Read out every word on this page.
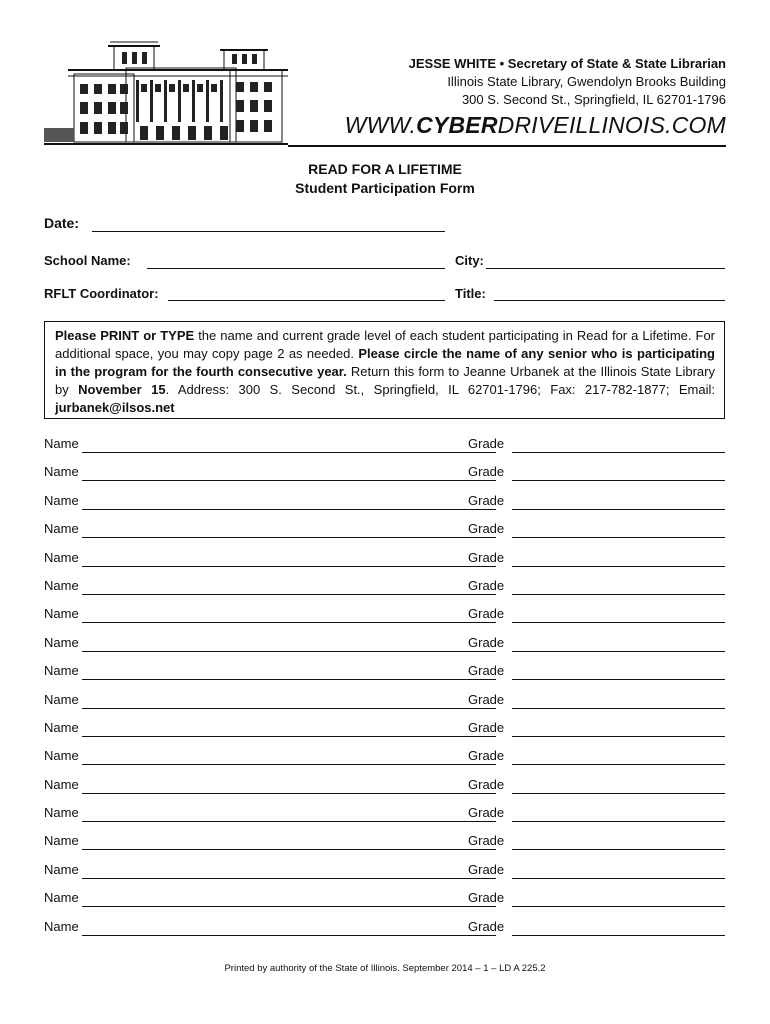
JESSE WHITE • Secretary of State & State Librarian
Illinois State Library, Gwendolyn Brooks Building
300 S. Second St., Springfield, IL 62701-1796
WWW.CYBERDRIVEILLINOIS.COM
READ FOR A LIFETIME
Student Participation Form
Date:
School Name:	City:
RFLT Coordinator:	Title:
Please PRINT or TYPE the name and current grade level of each student participating in Read for a Lifetime. For additional space, you may copy page 2 as needed. Please circle the name of any senior who is participating in the program for the fourth consecutive year. Return this form to Jeanne Urbanek at the Illinois State Library by November 15. Address: 300 S. Second St., Springfield, IL 62701-1796; Fax: 217-782-1877; Email: jurbanek@ilsos.net
Name	Grade
Name	Grade
Name	Grade
Name	Grade
Name	Grade
Name	Grade
Name	Grade
Name	Grade
Name	Grade
Name	Grade
Name	Grade
Name	Grade
Name	Grade
Name	Grade
Name	Grade
Name	Grade
Name	Grade
Name	Grade
Printed by authority of the State of Illinois. September 2014 – 1 – LD A 225.2
